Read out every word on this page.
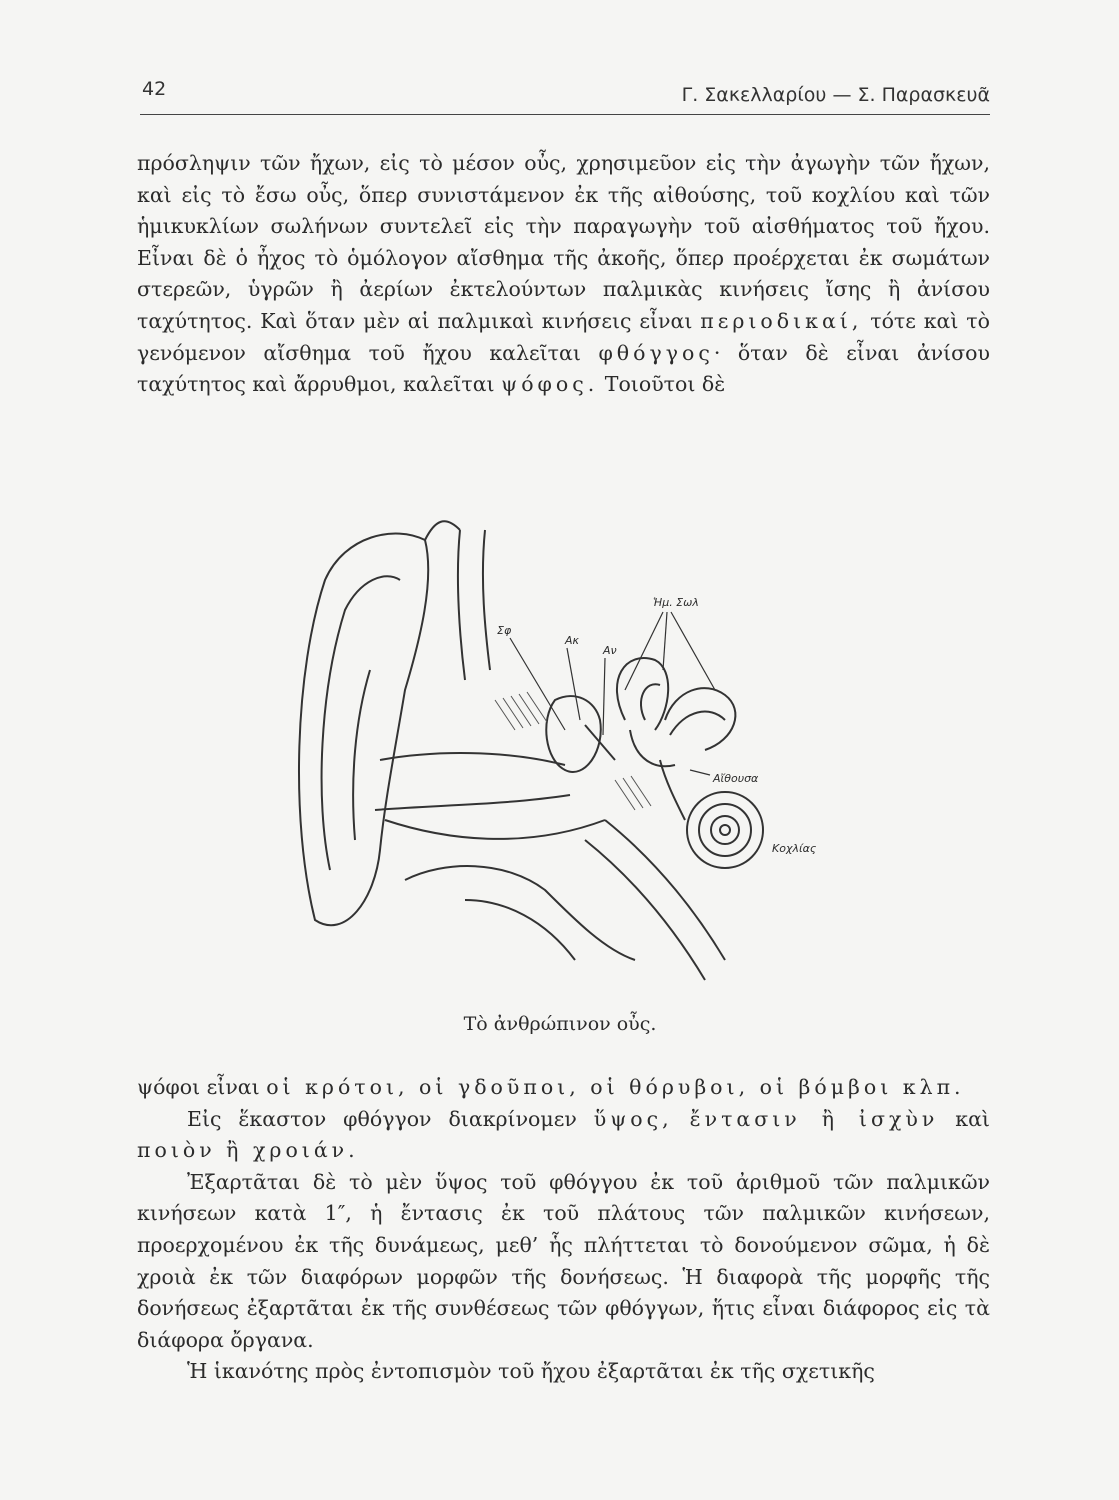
42	Γ. Σακελλαρίου — Σ. Παρασκευᾶ

πρόσληψιν τῶν ἤχων, εἰς τὸ μέσον οὖς, χρησιμεῦον εἰς τὴν ἀγωγὴν τῶν ἤχων, καὶ εἰς τὸ ἔσω οὖς, ὅπερ συνιστάμενον ἐκ τῆς αἰθούσης, τοῦ κοχλίου καὶ τῶν ἡμικυκλίων σωλήνων συντελεῖ εἰς τὴν παραγωγὴν τοῦ αἰσθήματος τοῦ ἤχου. Εἶναι δὲ ὁ ἦχος τὸ ὁμόλογον αἴσθημα τῆς ἀκοῆς, ὅπερ προέρχεται ἐκ σωμάτων στερεῶν, ὑγρῶν ἢ ἀερίων ἐκτελούντων παλμικὰς κινήσεις ἴσης ἢ ἀνίσου ταχύτητος. Καὶ ὅταν μὲν αἱ παλμικαὶ κινήσεις εἶναι περιοδικαί, τότε καὶ τὸ γενόμενον αἴσθημα τοῦ ἤχου καλεῖται φθόγγος· ὅταν δὲ εἶναι ἀνίσου ταχύτητος καὶ ἄρρυθμοι, καλεῖται ψόφος. Τοιοῦτοι δὲ

Ἡμ. Σωλ
Σφ
Ακ
Αν
Αἴθουσα
Κοχλίας
Τὸ ἀνθρώπινον οὖς.

ψόφοι εἶναι οἱ κρότοι, οἱ γδοῦποι, οἱ θόρυβοι, οἱ βόμβοι κλπ.

Εἰς ἕκαστον φθόγγον διακρίνομεν ὕψος, ἔντασιν ἢ ἰσχὺν καὶ ποιὸν ἢ χροιάν.

Ἐξαρτᾶται δὲ τὸ μὲν ὕψος τοῦ φθόγγου ἐκ τοῦ ἀριθμοῦ τῶν παλμικῶν κινήσεων κατὰ 1″, ἡ ἔντασις ἐκ τοῦ πλάτους τῶν παλμικῶν κινήσεων, προερχομένου ἐκ τῆς δυνάμεως, μεθ’ ἧς πλήττεται τὸ δονούμενον σῶμα, ἡ δὲ χροιὰ ἐκ τῶν διαφόρων μορφῶν τῆς δονήσεως. Ἡ διαφορὰ τῆς μορφῆς τῆς δονήσεως ἐξαρτᾶται ἐκ τῆς συνθέσεως τῶν φθόγγων, ἥτις εἶναι διάφορος εἰς τὰ διάφορα ὄργανα.

Ἡ ἱκανότης πρὸς ἐντοπισμὸν τοῦ ἤχου ἐξαρτᾶται ἐκ τῆς σχετικῆς
